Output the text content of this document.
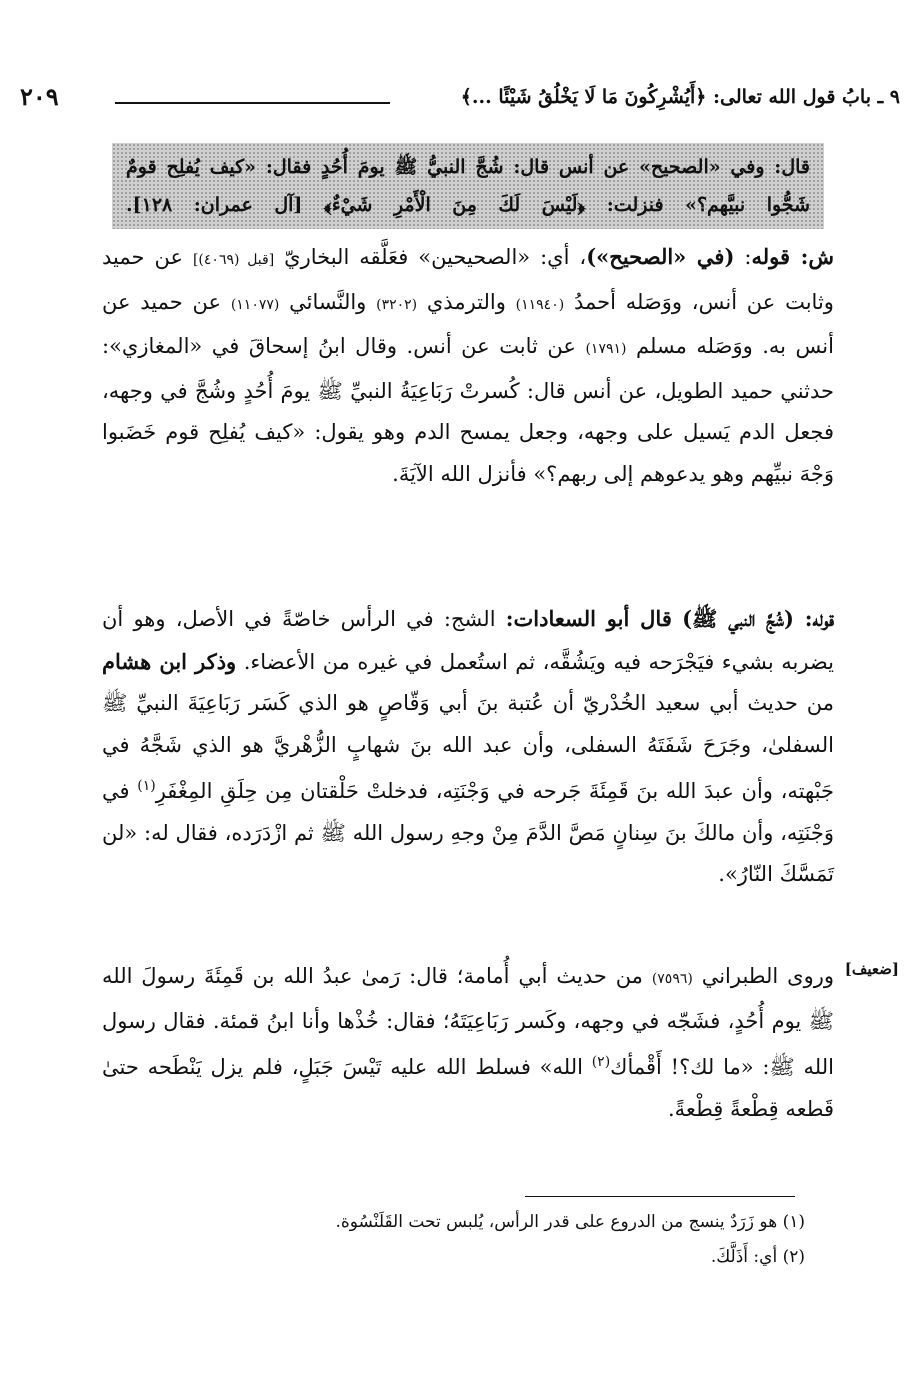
٩ ـ بابُ قول الله تعالى: ﴿أَيُشْرِكُونَ مَا لَا يَخْلُقُ شَيْئًا ...﴾
٢٠٩
قال: وفي «الصحيح» عن أنس قال: شُجَّ النبيُّ ﷺ يومَ أُحُدٍ فقال: «كيف يُفلِح قومٌ شَجُّوا نبيَّهم؟» فنزلت: ﴿لَيْسَ لَكَ مِنَ الْأَمْرِ شَيْءٌ﴾ [آل عمران: ١٢٨].
ش: قوله: (في «الصحيح»)، أي: «الصحيحين» فعَلَّقه البخاريّ [قبل (٤٠٦٩)] عن حميد وثابت عن أنس، ووَصَله أحمدُ (١١٩٤٠) والترمذي (٣٢٠٢) والنَّسائي (١١٠٧٧) عن حميد عن أنس به. ووَصَله مسلم (١٧٩١) عن ثابت عن أنس. وقال ابنُ إسحاقَ في «المغازي»: حدثني حميد الطويل، عن أنس قال: كُسرتْ رَبَاعِيَةُ النبيِّ ﷺ يومَ أُحُدٍ وشُجَّ في وجهه، فجعل الدم يَسيل على وجهه، وجعل يمسح الدم وهو يقول: «كيف يُفلِح قوم خَضَبوا وَجْهَ نبيِّهم وهو يدعوهم إلى ربهم؟» فأنزل الله الآيَةَ.
قوله: (شُجَّ النبي ﷺ) قال أبو السعادات: الشج: في الرأس خاصّةً في الأصل، وهو أن يضربه بشيء فيَجْرَحه فيه ويَشُقَّه، ثم استُعمل في غيره من الأعضاء. وذكر ابن هشام من حديث أبي سعيد الخُدْريّ أن عُتبة بنَ أبي وَقّاصٍ هو الذي كَسَر رَبَاعِيَةَ النبيِّ ﷺ السفلىٰ، وجَرَحَ شَفَتَهُ السفلى، وأن عبد الله بنَ شهابٍ الزُّهْريَّ هو الذي شَجَّهُ في جَبْهته، وأن عبدَ الله بنَ قَمِئَةَ جَرحه في وَجْنَتِه، فدخلتْ حَلْقتان مِن حِلَقِ المِغْفَرِ$^{(١)}$ في وَجْنَتِه، وأن مالكَ بنَ سِنانٍ مَصَّ الدَّمَ مِنْ وجهِ رسول الله ﷺ ثم ازْدَرَده، فقال له: «لن تَمَسَّكَ النّارُ».
[ضعيف]
وروى الطبراني (٧٥٩٦) من حديث أبي أُمامة؛ قال: رَمىٰ عبدُ الله بن قَمِئَةَ رسولَ الله ﷺ يوم أُحُدٍ، فشَجّه في وجهه، وكَسر رَبَاعِيَتَهُ؛ فقال: خُذْها وأنا ابنُ قمئة. فقال رسول الله ﷺ: «ما لك؟! أَقْمأك$^{(٢)}$ الله» فسلط الله عليه تَيْسَ جَبَلٍ، فلم يزل يَنْطَحه حتىٰ قَطعه قِطْعةً قِطْعةً.
(١) هو زَرَدٌ ينسج من الدروع على قدر الرأس، يُلبس تحت القَلَنْسُوة.
(٢) أي: أَذَلَّكَ.
